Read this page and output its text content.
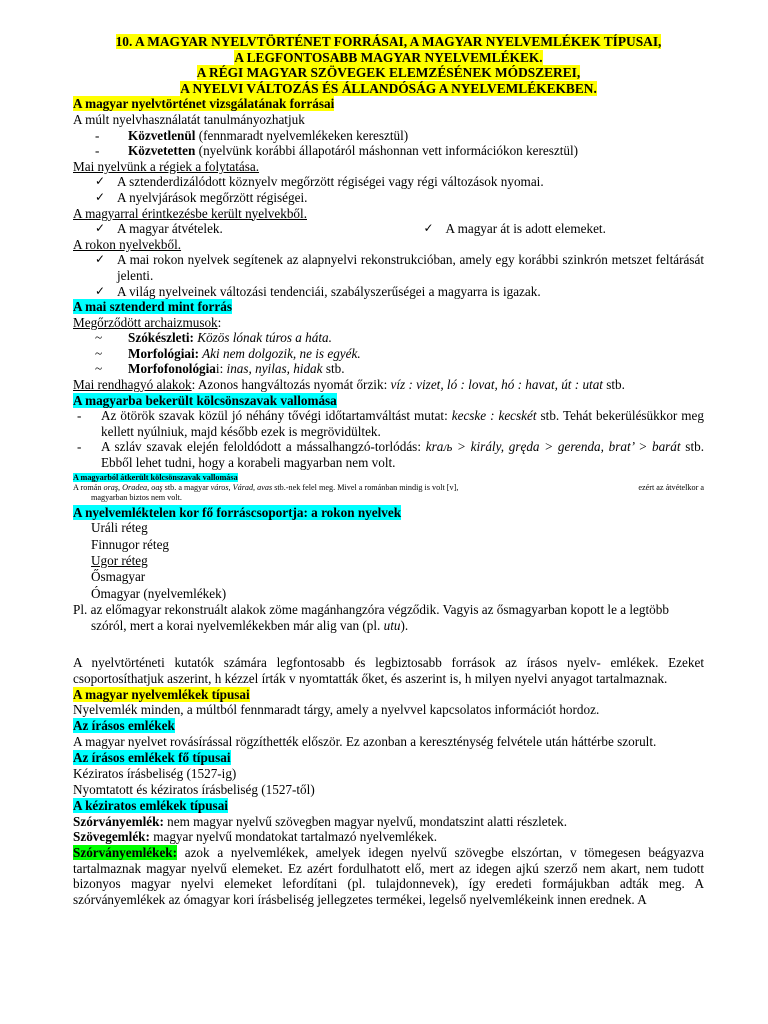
10. A MAGYAR NYELVTÖRTÉNET FORRÁSAI, A MAGYAR NYELVEMLÉKEK TÍPUSAI,
A LEGFONTOSABB MAGYAR NYELVEMLÉKEK.
A RÉGI MAGYAR SZÖVEGEK ELEMZÉSÉNEK MÓDSZEREI,
A NYELVI VÁLTOZÁS ÉS ÁLLANDÓSÁG A NYELVEMLÉKEKBEN.
A magyar nyelvtörténet vizsgálatának forrásai
A múlt nyelvhasználatát tanulmányozhatjuk
-	Közvetlenül (fennmaradt nyelvemlékeken keresztül)
-	Közvetetten (nyelvünk korábbi állapotáról máshonnan vett információkon keresztül)
Mai nyelvünk a régiek a folytatása.
✓ A sztenderdizálódott köznyelv megőrzött régiségei vagy régi változások nyomai.
✓ A nyelvjárások megőrzött régiségei.
A magyarral érintkezésbe került nyelvekből.
✓ A magyar átvételek.	✓ A magyar át is adott elemeket.
A rokon nyelvekből.
✓ A mai rokon nyelvek segítenek az alapnyelvi rekonstrukcióban, amely egy korábbi szinkrón metszet feltárását jelenti.
✓ A világ nyelveinek változási tendenciái, szabályszerűségei a magyarra is igazak.
A mai sztenderd mint forrás
Megőrződött archaizmusok:
~	Szókészleti: Közös lónak túros a háta.
~	Morfológiai: Aki nem dolgozik, ne is egyék.
~	Morfofonológiai: inas, nyilas, hidak stb.
Mai rendhagyó alakok: Azonos hangváltozás nyomát őrzik: víz : vizet, ló : lovat, hó : havat, út : utat stb.
A magyarba bekerült kölcsönszavak vallomása
-	Az ötörök szavak közül jó néhány tővégi időtartamváltást mutat: kecske : kecskét stb. Tehát bekerülésükkor meg kellett nyúlniuk, majd később ezek is megrövidültek.
-	A szláv szavak elején feloldódott a mássalhangzó-torlódás: kraљ > király, gręda > gerenda, brat’ > barát stb. Ebből lehet tudni, hogy a korabeli magyarban nem volt.
A magyarból átkerült kölcsönszavak vallomása
A román oraş, Oradea, oaş stb. a magyar város, Várad, avas stb.-nek felel meg. Mivel a románban mindig is volt [v],	ezért az átvételkor a
magyarban biztos nem volt.
A nyelvemléktelen kor fő forráscsoportja: a rokon nyelvek
Uráli réteg
Finnugor réteg
Ugor réteg
Ősmagyar
Ómagyar (nyelvemlékek)
Pl. az előmagyar rekonstruált alakok zöme magánhangzóra végződik. Vagyis az ősmagyarban kopott le a legtöbb szóról, mert a korai nyelvemlékekben már alig van (pl. utu).
A nyelvtörténeti kutatók számára legfontosabb és legbiztosabb források az írásos nyelv- emlékek. Ezeket csoportosíthatjuk aszerint, h kézzel írták v nyomtatták őket, és aszerint is, h milyen nyelvi anyagot tartalmaznak.
A magyar nyelvemlékek típusai
Nyelvemlék minden, a múltból fennmaradt tárgy, amely a nyelvvel kapcsolatos információt hordoz.
Az írásos emlékek
A magyar nyelvet rovásírással rögzíthették először. Ez azonban a kereszténység felvétele után háttérbe szorult.
Az írásos emlékek fő típusai
Kéziratos írásbeliség (1527-ig)
Nyomtatott és kéziratos írásbeliség (1527-től)
A kéziratos emlékek típusai
Szórványemlék: nem magyar nyelvű szövegben magyar nyelvű, mondatszint alatti részletek.
Szövegemlék: magyar nyelvű mondatokat tartalmazó nyelvemlékek.
Szórványemlékek: azok a nyelvemlékek, amelyek idegen nyelvű szövegbe elszórtan, v tömegesen beágyazva tartalmaznak magyar nyelvű elemeket. Ez azért fordulhatott elő, mert az idegen ajkú szerző nem akart, nem tudott bizonyos magyar nyelvi elemeket lefordítani (pl. tulajdonnevek), így eredeti formájukban adták meg. A szórványemlékek az ómagyar kori írásbeliség jellegzetes termékei, legelső nyelvemlékeink innen erednek. A
